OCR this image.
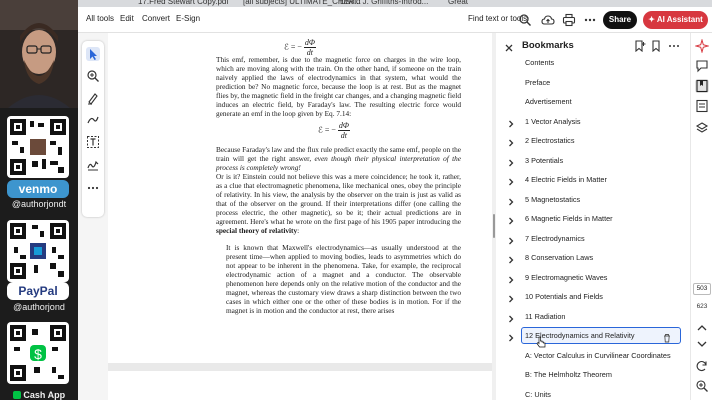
venmo
@authorjondt
PayPal
@authorjond
$
Cash App
17.Fred Stewart Copy.pdf	[all subjects] ULTIMATE_CHEA...
David J. Griffiths-Introd...	Great
All tools Edit Convert E-Sign	Find text or tools	Share	✦ AI Assistant
ℰ = − $\frac{d\Phi}{dt}$
This emf, remember, is due to the magnetic force on charges in the wire loop, which are moving along with the train. On the other hand, if someone on the train naively applied the laws of electrodynamics in that system, what would the prediction be? No magnetic force, because the loop is at rest. But as the magnet flies by, the magnetic field in the freight car changes, and a changing magnetic field induces an electric field, by Faraday's law. The resulting electric force would generate an emf in the loop given by Eq. 7.14:
ℰ = − $\frac{d\Phi}{dt}$
Because Faraday's law and the flux rule predict exactly the same emf, people on the train will get the right answer, even though their physical interpretation of the process is completely wrong!
Or is it? Einstein could not believe this was a mere coincidence; he took it, rather, as a clue that electromagnetic phenomena, like mechanical ones, obey the principle of relativity. In his view, the analysis by the observer on the train is just as valid as that of the observer on the ground. If their interpretations differ (one calling the process electric, the other magnetic), so be it; their actual predictions are in agreement. Here's what he wrote on the first page of his 1905 paper introducing the special theory of relativity:
It is known that Maxwell's electrodynamics—as usually understood at the present time—when applied to moving bodies, leads to asymmetries which do not appear to be inherent in the phenomena. Take, for example, the reciprocal electrodynamic action of a magnet and a conductor. The observable phenomenon here depends only on the relative motion of the conductor and the magnet, whereas the customary view draws a sharp distinction between the two cases in which either one or the other of these bodies is in motion. For if the magnet is in motion and the conductor at rest, there arises
Bookmarks
Contents
Preface
Advertisement
1 Vector Analysis
2 Electrostatics
3 Potentials
4 Electric Fields in Matter
5 Magnetostatics
6 Magnetic Fields in Matter
7 Electrodynamics
8 Conservation Laws
9 Electromagnetic Waves
10 Potentials and Fields
11 Radiation
12 Electrodynamics and Relativity
A: Vector Calculus in Curvilinear Coordinates
B: The Helmholtz Theorem
C: Units
503
623
